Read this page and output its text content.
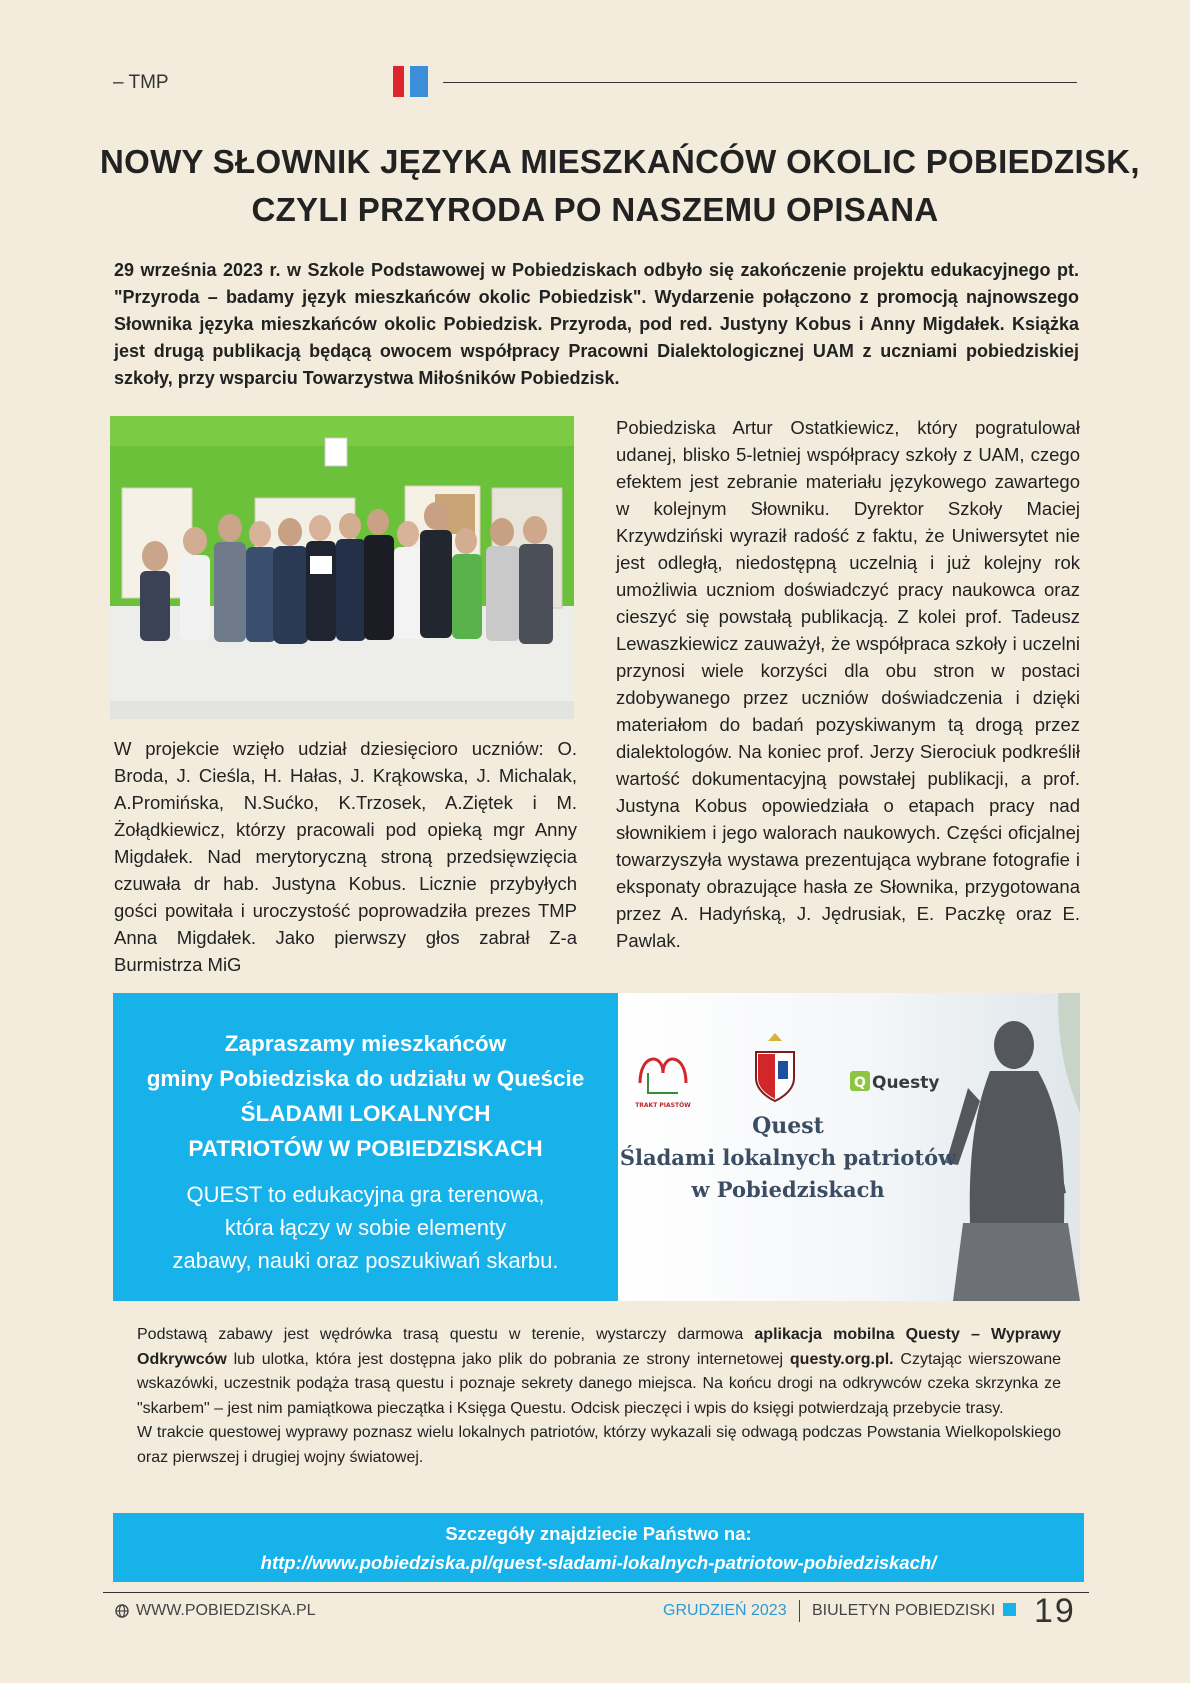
– TMP
NOWY SŁOWNIK JĘZYKA MIESZKAŃCÓW OKOLIC POBIEDZISK,
CZYLI PRZYRODA PO NASZEMU OPISANA
29 września 2023 r. w Szkole Podstawowej w Pobiedziskach odbyło się zakończenie projektu edukacyjnego pt. "Przyroda – badamy język mieszkańców okolic Pobiedzisk". Wydarzenie połączono z promocją najnowszego Słownika języka mieszkańców okolic Pobiedzisk. Przyroda, pod red. Justyny Kobus i Anny Migdałek. Książka jest drugą publikacją będącą owocem współpracy Pracowni Dialektologicznej UAM z uczniami pobiedziskiej szkoły, przy wsparciu Towarzystwa Miłośników Pobiedzisk.
W projekcie wzięło udział dziesięcioro uczniów: O. Broda, J. Cieśla, H. Hałas, J. Krąkowska, J. Michalak, A.Promińska, N.Sućko, K.Trzosek, A.Ziętek i M. Żołądkiewicz, którzy pracowali pod opieką mgr Anny Migdałek. Nad merytoryczną stroną przedsięwzięcia czuwała dr hab. Justyna Kobus. Licznie przybyłych gości powitała i uroczystość poprowadziła prezes TMP Anna Migdałek. Jako pierwszy głos zabrał Z-a Burmistrza MiG
Pobiedziska Artur Ostatkiewicz, który pogratulował udanej, blisko 5-letniej współpracy szkoły z UAM, czego efektem jest zebranie materiału językowego zawartego w kolejnym Słowniku. Dyrektor Szkoły Maciej Krzywdziński wyraził radość z faktu, że Uniwersytet nie jest odległą, niedostępną uczelnią i już kolejny rok umożliwia uczniom doświadczyć pracy naukowca oraz cieszyć się powstałą publikacją. Z kolei prof. Tadeusz Lewaszkiewicz zauważył, że współpraca szkoły i uczelni przynosi wiele korzyści dla obu stron w postaci zdobywanego przez uczniów doświadczenia i dzięki materiałom do badań pozyskiwanym tą drogą przez dialektologów. Na koniec prof. Jerzy Sierociuk podkreślił wartość dokumentacyjną powstałej publikacji, a prof. Justyna Kobus opowiedziała o etapach pracy nad słownikiem i jego walorach naukowych. Części oficjalnej towarzyszyła wystawa prezentująca wybrane fotografie i eksponaty obrazujące hasła ze Słownika, przygotowana przez A. Hadyńską, J. Jędrusiak, E. Paczkę oraz E. Pawlak.
Zapraszamy mieszkańców
gminy Pobiedziska do udziału w Queście
ŚLADAMI LOKALNYCH
PATRIOTÓW W POBIEDZISKACH
QUEST to edukacyjna gra terenowa,
która łączy w sobie elementy
zabawy, nauki oraz poszukiwań skarbu.
TRAKT PIASTÓW
Q Questy
Quest
Śladami lokalnych patriotów
w Pobiedziskach

Podstawą zabawy jest wędrówka trasą questu w terenie, wystarczy darmowa aplikacja mobilna Questy – Wyprawy Odkrywców lub ulotka, która jest dostępna jako plik do pobrania ze strony internetowej questy.org.pl. Czytając wierszowane wskazówki, uczestnik podąża trasą questu i poznaje sekrety danego miejsca. Na końcu drogi na odkrywców czeka skrzynka ze "skarbem" – jest nim pamiątkowa pieczątka i Księga Questu. Odcisk pieczęci i wpis do księgi potwierdzają przebycie trasy.

W trakcie questowej wyprawy poznasz wielu lokalnych patriotów, którzy wykazali się odwagą podczas Powstania Wielkopolskiego oraz pierwszej i drugiej wojny światowej.

Szczegóły znajdziecie Państwo na:
http://www.pobiedziska.pl/quest-sladami-lokalnych-patriotow-pobiedziskach/
WWW.POBIEDZISKA.PL	GRUDZIEŃ 2023 BIULETYN POBIEDZISKI 19
